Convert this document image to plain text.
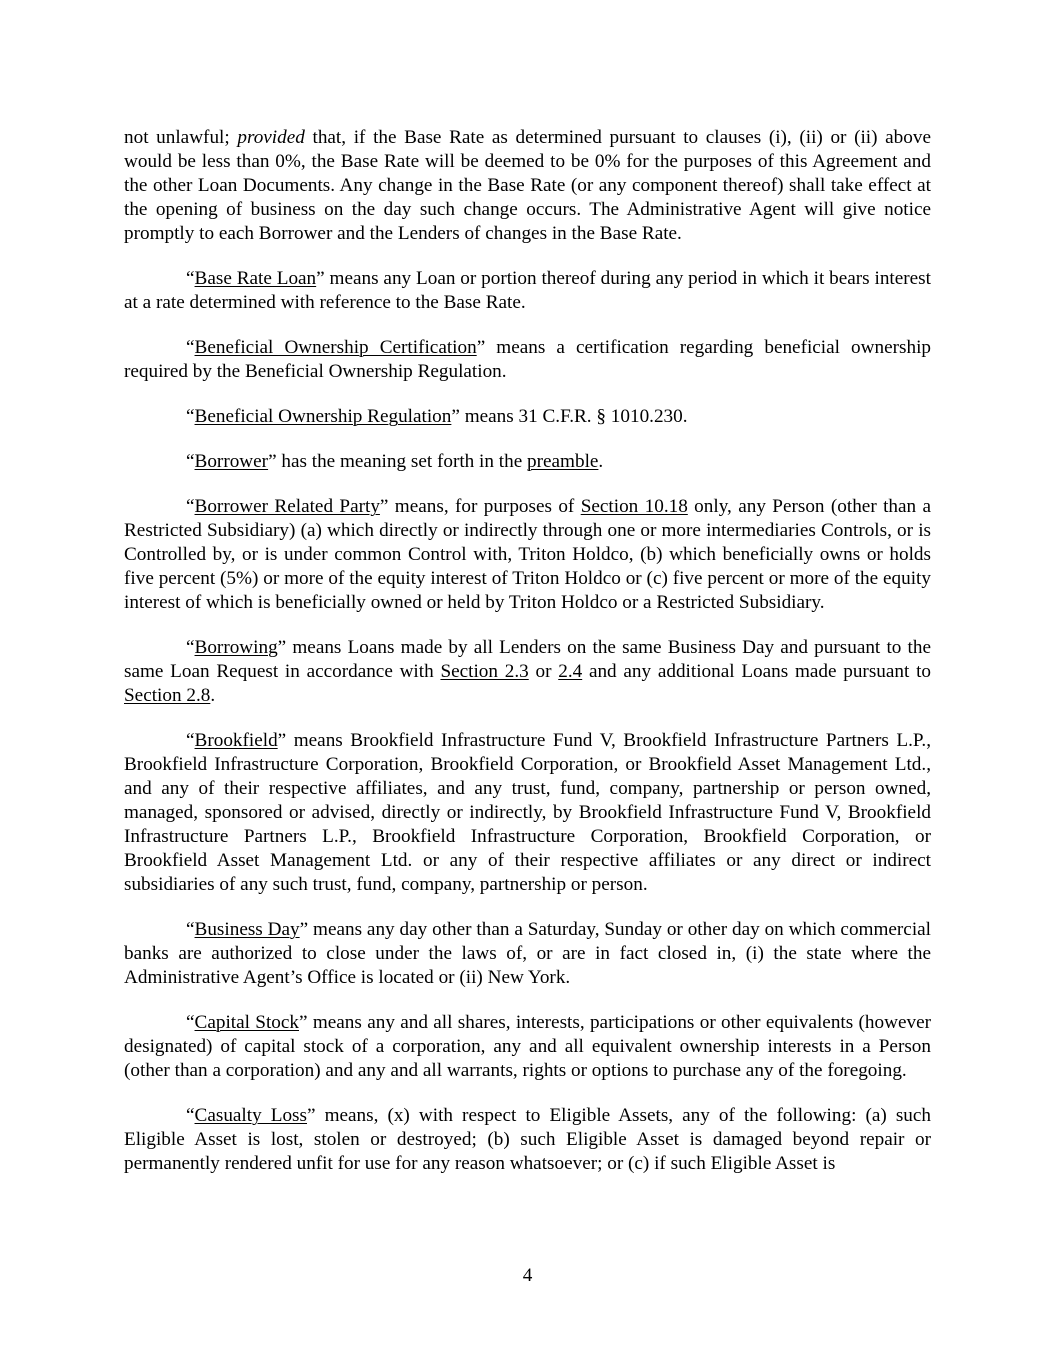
not unlawful; provided that, if the Base Rate as determined pursuant to clauses (i), (ii) or (ii) above would be less than 0%, the Base Rate will be deemed to be 0% for the purposes of this Agreement and the other Loan Documents. Any change in the Base Rate (or any component thereof) shall take effect at the opening of business on the day such change occurs. The Administrative Agent will give notice promptly to each Borrower and the Lenders of changes in the Base Rate.

“Base Rate Loan” means any Loan or portion thereof during any period in which it bears interest at a rate determined with reference to the Base Rate.

“Beneficial Ownership Certification” means a certification regarding beneficial ownership required by the Beneficial Ownership Regulation.

“Beneficial Ownership Regulation” means 31 C.F.R. § 1010.230.

“Borrower” has the meaning set forth in the preamble.

“Borrower Related Party” means, for purposes of Section 10.18 only, any Person (other than a Restricted Subsidiary) (a) which directly or indirectly through one or more intermediaries Controls, or is Controlled by, or is under common Control with, Triton Holdco, (b) which beneficially owns or holds five percent (5%) or more of the equity interest of Triton Holdco or (c) five percent or more of the equity interest of which is beneficially owned or held by Triton Holdco or a Restricted Subsidiary.

“Borrowing” means Loans made by all Lenders on the same Business Day and pursuant to the same Loan Request in accordance with Section 2.3 or 2.4 and any additional Loans made pursuant to Section 2.8.

“Brookfield” means Brookfield Infrastructure Fund V, Brookfield Infrastructure Partners L.P., Brookfield Infrastructure Corporation, Brookfield Corporation, or Brookfield Asset Management Ltd., and any of their respective affiliates, and any trust, fund, company, partnership or person owned, managed, sponsored or advised, directly or indirectly, by Brookfield Infrastructure Fund V, Brookfield Infrastructure Partners L.P., Brookfield Infrastructure Corporation, Brookfield Corporation, or Brookfield Asset Management Ltd. or any of their respective affiliates or any direct or indirect subsidiaries of any such trust, fund, company, partnership or person.

“Business Day” means any day other than a Saturday, Sunday or other day on which commercial banks are authorized to close under the laws of, or are in fact closed in, (i) the state where the Administrative Agent’s Office is located or (ii) New York.

“Capital Stock” means any and all shares, interests, participations or other equivalents (however designated) of capital stock of a corporation, any and all equivalent ownership interests in a Person (other than a corporation) and any and all warrants, rights or options to purchase any of the foregoing.

“Casualty Loss” means, (x) with respect to Eligible Assets, any of the following: (a) such Eligible Asset is lost, stolen or destroyed; (b) such Eligible Asset is damaged beyond repair or permanently rendered unfit for use for any reason whatsoever; or (c) if such Eligible Asset is

4
